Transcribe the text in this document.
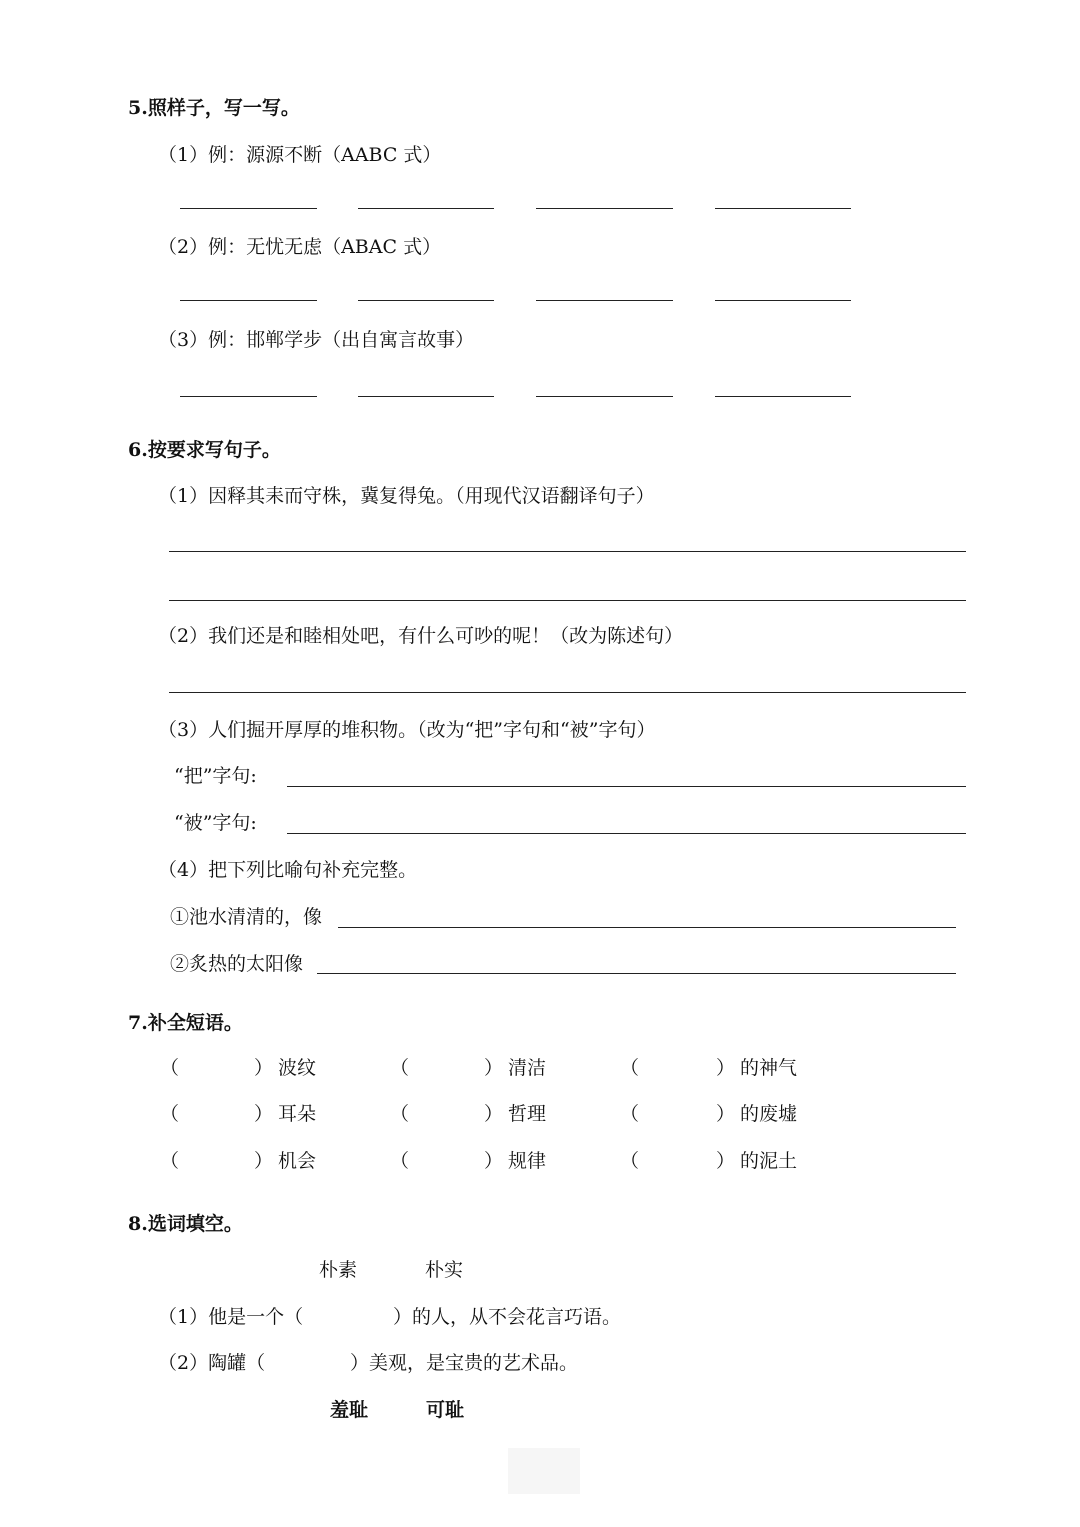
5.照样子，写一写。
（1）例：源源不断（AABC 式）
（2）例：无忧无虑（ABAC 式）
（3）例：邯郸学步（出自寓言故事）
6.按要求写句子。
（1）因释其耒而守株，冀复得兔。（用现代汉语翻译句子）
（2）我们还是和睦相处吧，有什么可吵的呢！（改为陈述句）
（3）人们掘开厚厚的堆积物。（改为“把”字句和“被”字句）
“把”字句:
“被”字句:
（4）把下列比喻句补充完整。
①池水清清的，像
②炙热的太阳像
7.补全短语。
（	） 波纹	（	） 清洁	（	） 的神气
（	） 耳朵	（	） 哲理	（	） 的废墟
（	） 机会	（	） 规律	（	） 的泥土
8.选词填空。
朴素	朴实
（1）他是一个（	）的人，从不会花言巧语。
（2）陶罐（	）美观，是宝贵的艺术品。
羞耻	可耻
